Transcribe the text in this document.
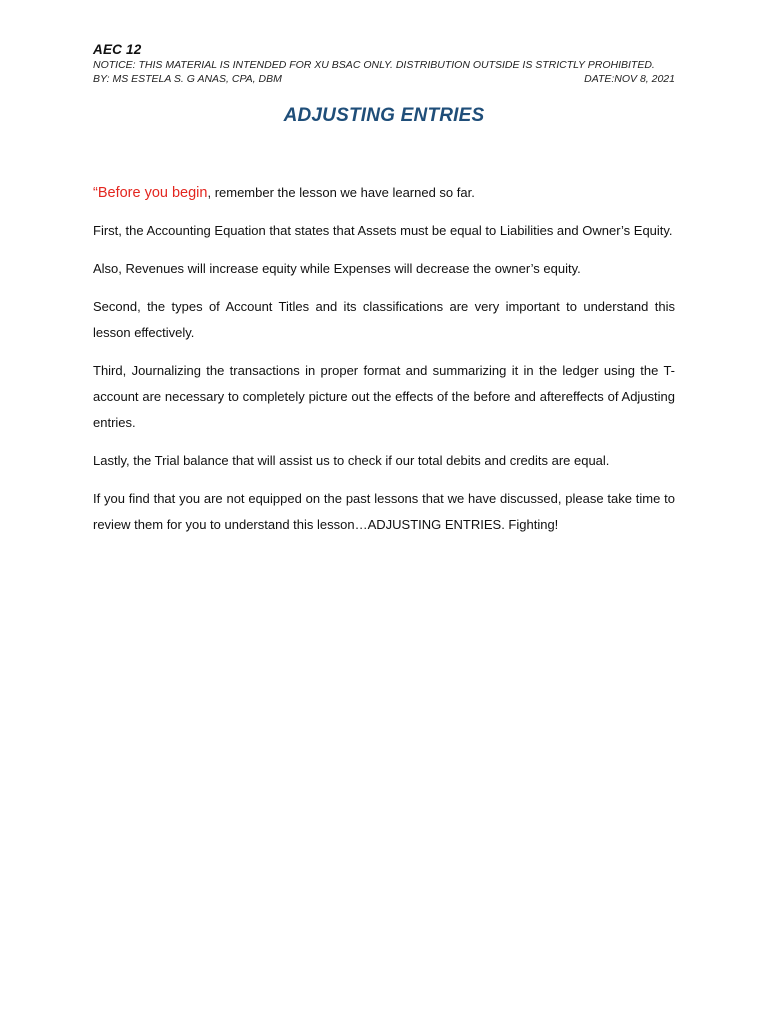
AEC 12
NOTICE: THIS MATERIAL IS INTENDED FOR XU BSAC ONLY. DISTRIBUTION OUTSIDE IS STRICTLY PROHIBITED.
BY: MS ESTELA S. G ANAS, CPA, DBM	DATE:NOV 8, 2021
ADJUSTING ENTRIES

“Before you begin, remember the lesson we have learned so far.

First, the Accounting Equation that states that Assets must be equal to Liabilities and Owner’s Equity.

Also, Revenues will increase equity while Expenses will decrease the owner’s equity.

Second, the types of Account Titles and its classifications are very important to understand this lesson effectively.

Third, Journalizing the transactions in proper format and summarizing it in the ledger using the T-account are necessary to completely picture out the effects of the before and aftereffects of Adjusting entries.

Lastly, the Trial balance that will assist us to check if our total debits and credits are equal.

If you find that you are not equipped on the past lessons that we have discussed, please take time to review them for you to understand this lesson…ADJUSTING ENTRIES. Fighting!
